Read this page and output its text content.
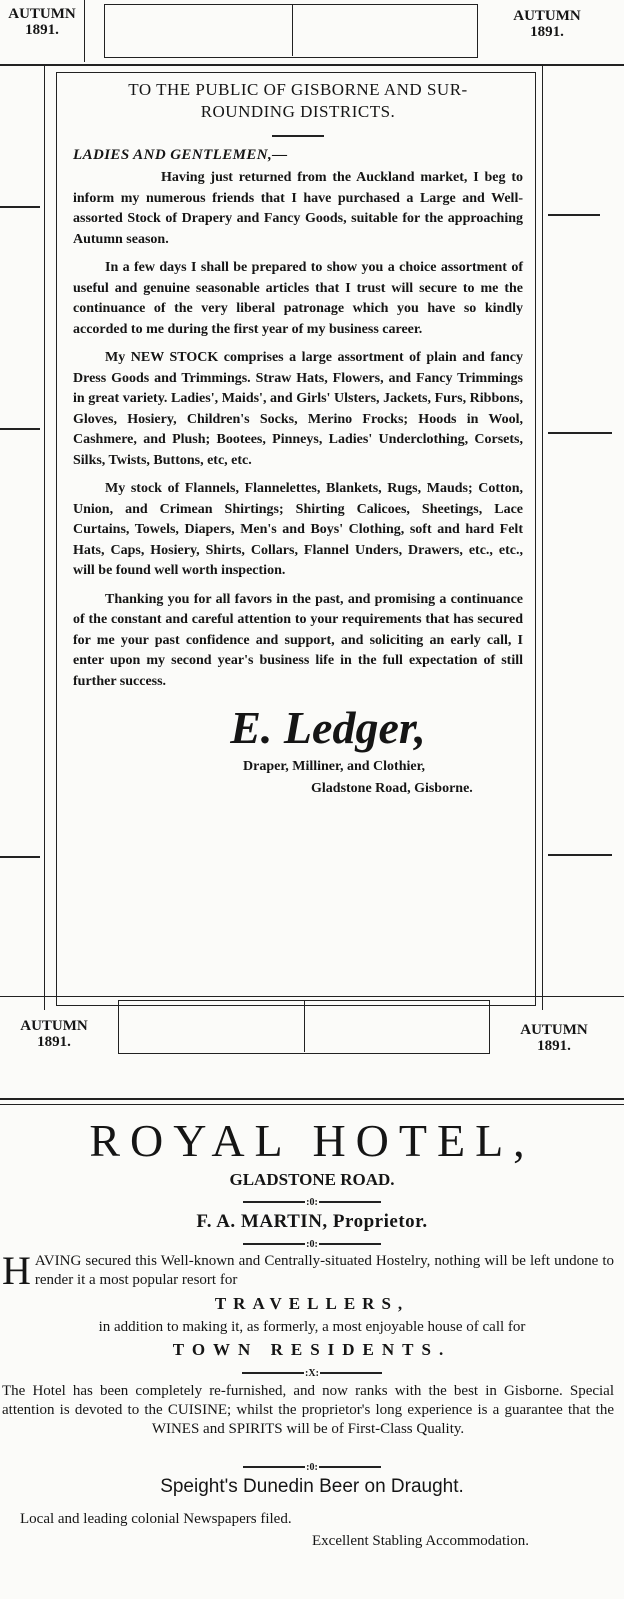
AUTUMN
1891.
AUTUMN
1891.

TO THE PUBLIC OF GISBORNE AND SUR-
ROUNDING DISTRICTS.

LADIES AND GENTLEMEN,—

Having just returned from the Auckland market, I beg to inform my numerous friends that I have purchased a Large and Well-assorted Stock of Drapery and Fancy Goods, suitable for the approaching Autumn season.

In a few days I shall be prepared to show you a choice assortment of useful and genuine seasonable articles that I trust will secure to me the continuance of the very liberal patronage which you have so kindly accorded to me during the first year of my business career.

My NEW STOCK comprises a large assortment of plain and fancy Dress Goods and Trimmings. Straw Hats, Flowers, and Fancy Trimmings in great variety. Ladies', Maids', and Girls' Ulsters, Jackets, Furs, Ribbons, Gloves, Hosiery, Children's Socks, Merino Frocks; Hoods in Wool, Cashmere, and Plush; Bootees, Pinneys, Ladies' Underclothing, Corsets, Silks, Twists, Buttons, etc, etc.

My stock of Flannels, Flannelettes, Blankets, Rugs, Mauds; Cotton, Union, and Crimean Shirtings; Shirting Calicoes, Sheetings, Lace Curtains, Towels, Diapers, Men's and Boys' Clothing, soft and hard Felt Hats, Caps, Hosiery, Shirts, Collars, Flannel Unders, Drawers, etc., etc., will be found well worth inspection.

Thanking you for all favors in the past, and promising a continuance of the constant and careful attention to your requirements that has secured for me your past confidence and support, and soliciting an early call, I enter upon my second year's business life in the full expectation of still further success.

E. Ledger,
Draper, Milliner, and Clothier,
Gladstone Road, Gisborne.
AUTUMN
1891.
AUTUMN
1891.
ROYAL HOTEL,
GLADSTONE ROAD.
:0:
F. A. MARTIN, Proprietor.
:0:
H AVING secured this Well-known and Centrally-situated Hostelry, nothing will be left undone to render it a most popular resort for
TRAVELLERS,
in addition to making it, as formerly, a most enjoyable house of call for
TOWN RESIDENTS.
:X:
The Hotel has been completely re-furnished, and now ranks with the best in Gisborne. Special attention is devoted to the CUISINE; whilst the proprietor's long experience is a guarantee that the WINES and SPIRITS will be of First-Class Quality.
:0:
Speight's Dunedin Beer on Draught.
Local and leading colonial Newspapers filed.
Excellent Stabling Accommodation.
